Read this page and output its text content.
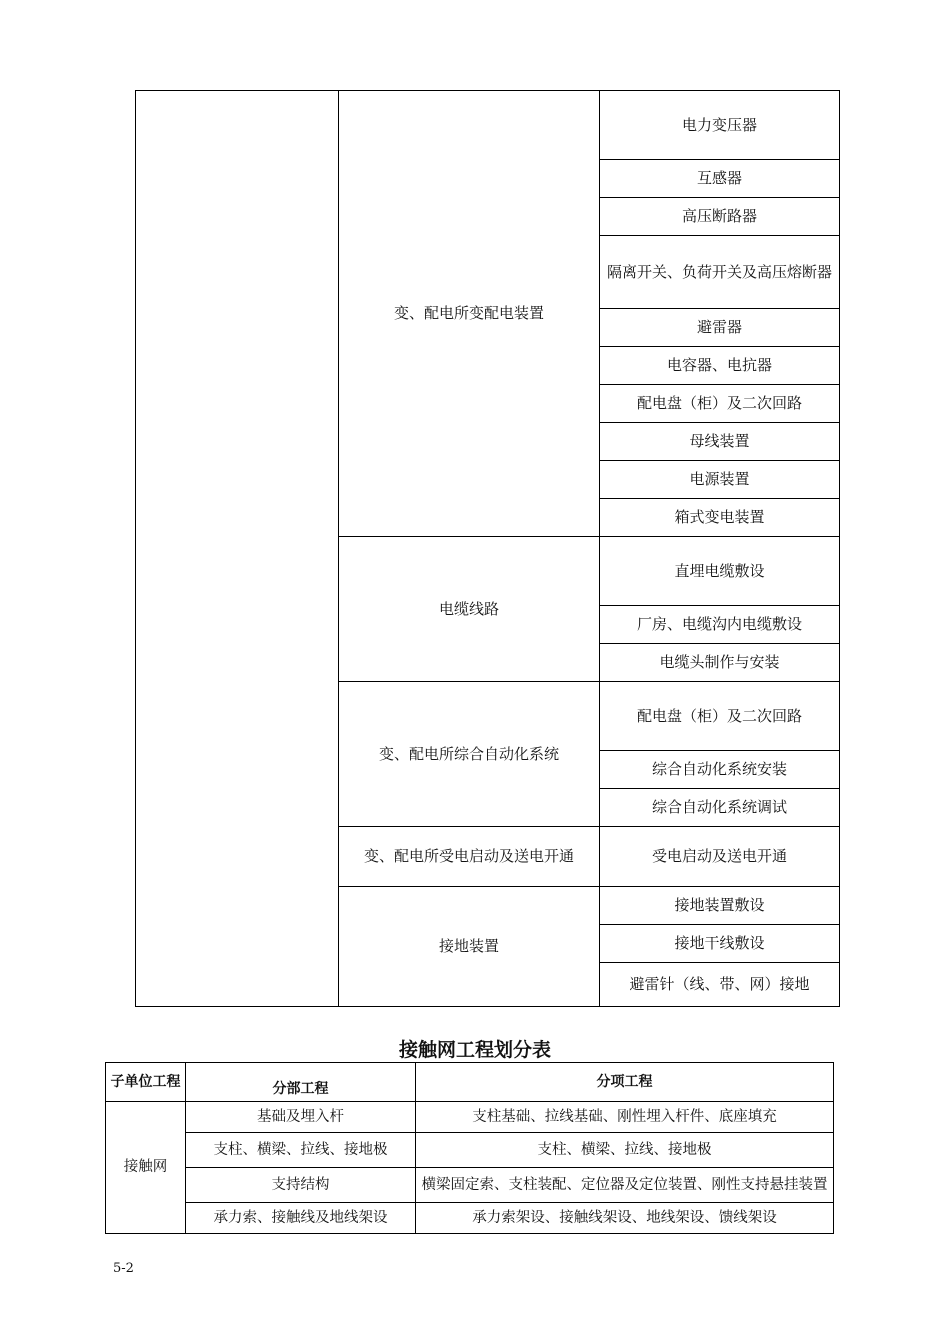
	变、配电所变配电装置	电力变压器
		互感器
		高压断路器
		隔离开关、负荷开关及高压熔断器
		避雷器
		电容器、电抗器
		配电盘（柜）及二次回路
		母线装置
		电源装置
		箱式变电装置
	电缆线路	直埋电缆敷设
		厂房、电缆沟内电缆敷设
		电缆头制作与安装
	变、配电所综合自动化系统	配电盘（柜）及二次回路
		综合自动化系统安装
		综合自动化系统调试
	变、配电所受电启动及送电开通	受电启动及送电开通
	接地装置	接地装置敷设
		接地干线敷设
		避雷针（线、带、网）接地
接触网工程划分表
子单位工程	分部工程	分项工程
接触网	基础及埋入杆	支柱基础、拉线基础、刚性埋入杆件、底座填充
	支柱、横梁、拉线、接地极	支柱、横梁、拉线、接地极
	支持结构	横梁固定索、支柱装配、定位器及定位装置、刚性支持悬挂装置
	承力索、接触线及地线架设	承力索架设、接触线架设、地线架设、馈线架设
5-2
